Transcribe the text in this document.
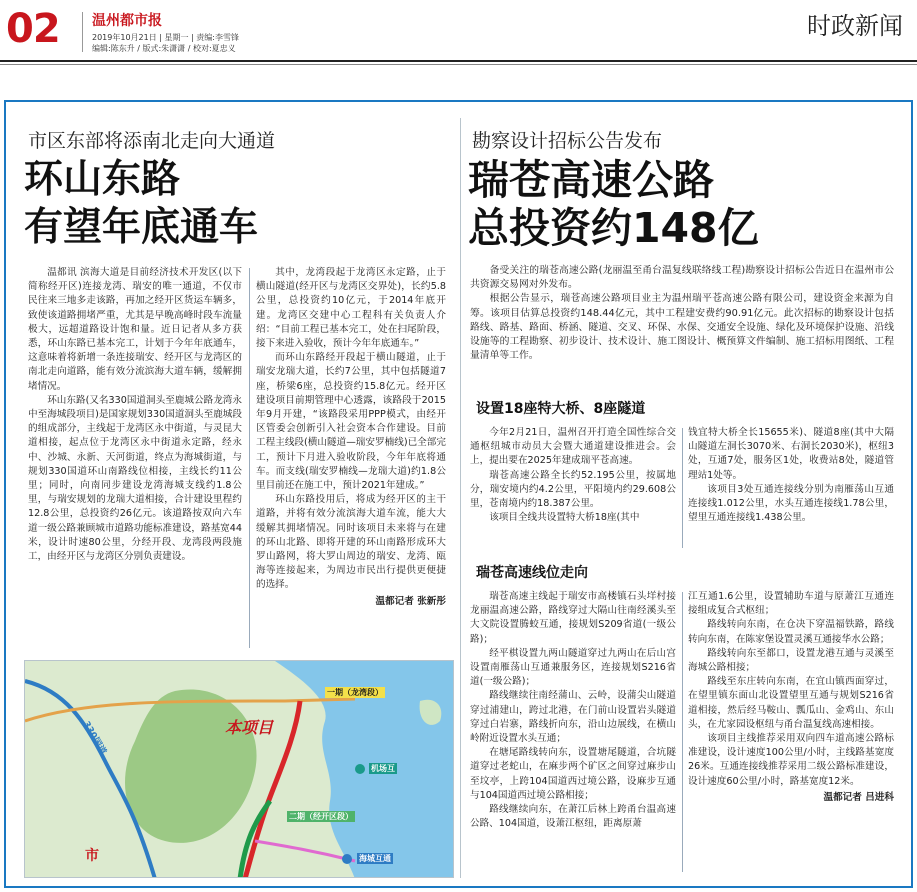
02 温州都市报
2019年10月21日 | 星期一 | 责编:李雪锋
编辑:陈东升 / 版式:朱潇潇 / 校对:夏忠义
时政新闻
市区东部将添南北走向大通道
环山东路
有望年底通车

温都讯 滨海大道是目前经济技术开发区(以下简称经开区)连接龙湾、瑞安的唯一通道，不仅市民往来三地多走该路，再加之经开区货运车辆多，致使该道路拥堵严重，尤其是早晚高峰时段车流量极大，远超道路设计饱和量。近日记者从多方获悉，环山东路已基本完工，计划于今年年底通车，这意味着将新增一条连接瑞安、经开区与龙湾区的南北走向道路，能有效分流滨海大道车辆，缓解拥堵情况。

环山东路(又名330国道洞头至鹿城公路龙湾永中至海城段项目)是国家规划330国道洞头至鹿城段的组成部分，主线起于龙湾区永中街道，与灵昆大道相接，起点位于龙湾区永中街道永定路，经永中、沙城、永新、天河街道，终点为海城街道，与规划330国道环山南路线位相接，主线长约11公里；同时，向南同步建设龙湾海城支线约1.8公里，与瑞安规划的龙瑞大道相接，合计建设里程约12.8公里，总投资约26亿元。该道路按双向六车道一级公路兼顾城市道路功能标准建设，路基宽44米，设计时速80公里，分经开段、龙湾段两段施工，由经开区与龙湾区分别负责建设。

其中，龙湾段起于龙湾区永定路，止于横山隧道(经开区与龙湾区交界处)，长约5.8公里，总投资约10亿元，于2014年底开建。龙湾区交建中心工程科有关负责人介绍：“目前工程已基本完工，处在扫尾阶段，接下来进入验收，预计今年年底通车。”

而环山东路经开段起于横山隧道，止于瑞安龙瑞大道，长约7公里，其中包括隧道7座，桥梁6座，总投资约15.8亿元。经开区建设项目前期管理中心透露，该路段于2015年9月开建，“该路段采用PPP模式，由经开区管委会创新引入社会资本合作建设。目前工程主线段(横山隧道—瑞安罗楠线)已全部完工，预计下月进入验收阶段，今年年底将通车。而支线(瑞安罗楠线—龙瑞大道)约1.8公里目前还在施工中，预计2021年建成。”

环山东路投用后，将成为经开区的主干道路，并将有效分流滨海大道车流，能大大缓解其拥堵情况。同时该项目未来将与在建的环山北路、即将开建的环山南路形成环大罗山路网，将大罗山周边的瑞安、龙湾、瓯海等连接起来，为周边市民出行提供更便捷的选择。

温都记者 张新彤
本项目
一期（龙湾段）
二期（经开区段）
机场互
海城互通
330国道
市
勘察设计招标公告发布
瑞苍高速公路
总投资约148亿

备受关注的瑞苍高速公路(龙丽温至甬台温复线联络线工程)勘察设计招标公告近日在温州市公共资源交易网对外发布。

根据公告显示，瑞苍高速公路项目业主为温州瑞平苍高速公路有限公司，建设资金来源为自筹。该项目估算总投资约148.44亿元，其中工程建安费约90.91亿元。此次招标的勘察设计包括路线、路基、路面、桥涵、隧道、交叉、环保、水保、交通安全设施、绿化及环境保护设施、沿线设施等的工程勘察、初步设计、技术设计、施工图设计、概预算文件编制、施工招标用图纸、工程量清单等工作。

设置18座特大桥、8座隧道

今年2月21日，温州召开打造全国性综合交通枢纽城市动员大会暨大通道建设推进会。会上，提出要在2025年建成瑞平苍高速。

瑞苍高速公路全长约52.195公里，按属地分，瑞安境内约4.2公里，平阳境内约29.608公里，苍南境内约18.387公里。

该项目全线共设置特大桥18座(其中

钱宜特大桥全长15655米)、隧道8座(其中大隔山隧道左洞长3070米、右洞长2030米)，枢纽3处，互通7处，服务区1处，收费站8处，隧道管理站1处等。

该项目3处互通连接线分别为南雁荡山互通连接线1.012公里，水头互通连接线1.78公里，望里互通连接线1.438公里。

瑞苍高速线位走向

瑞苍高速主线起于瑞安市高楼镇石头垟村接龙丽温高速公路，路线穿过大隔山往南经溪头至大文院设置腾蛟互通，接规划S209省道(一级公路)；

经平棋设置九两山隧道穿过九两山在后山宫设置南雁荡山互通兼服务区，连接规划S216省道(一级公路)；

路线继续往南经蒲山、云岭，设蒲尖山隧道穿过浦建山，跨过北港，在门前山设置岩头隧道穿过白岩寨，路线折向东，沿山边展线，在横山岭附近设置水头互通；

在塘尾路线转向东，设置塘尾隧道，合坑隧道穿过老蛇山，在麻步两个矿区之间穿过麻步山至坟亭，上跨104国道西过境公路，设麻步互通与104国道西过境公路相接；

路线继续向东，在萧江后林上跨甬台温高速公路、104国道，设萧江枢纽，距离原萧

江互通1.6公里，设置辅助车道与原萧江互通连接组成复合式枢纽；

路线转向东南，在仓决下穿温福铁路，路线转向东南，在陈家堡设置灵溪互通接华水公路；

路线转向东至都口，设置龙港互通与灵溪至海城公路相接；

路线至东庄转向东南，在宜山镇西面穿过，在望里镇东面山北设置望里互通与规划S216省道相接，然后经马鞍山、瓢瓜山、金鸡山、东山头，在尤家园设枢纽与甬台温复线高速相接。

该项目主线推荐采用双向四车道高速公路标准建设，设计速度100公里/小时，主线路基宽度26米。互通连接线推荐采用二级公路标准建设，设计速度60公里/小时，路基宽度12米。

温都记者 吕进科
